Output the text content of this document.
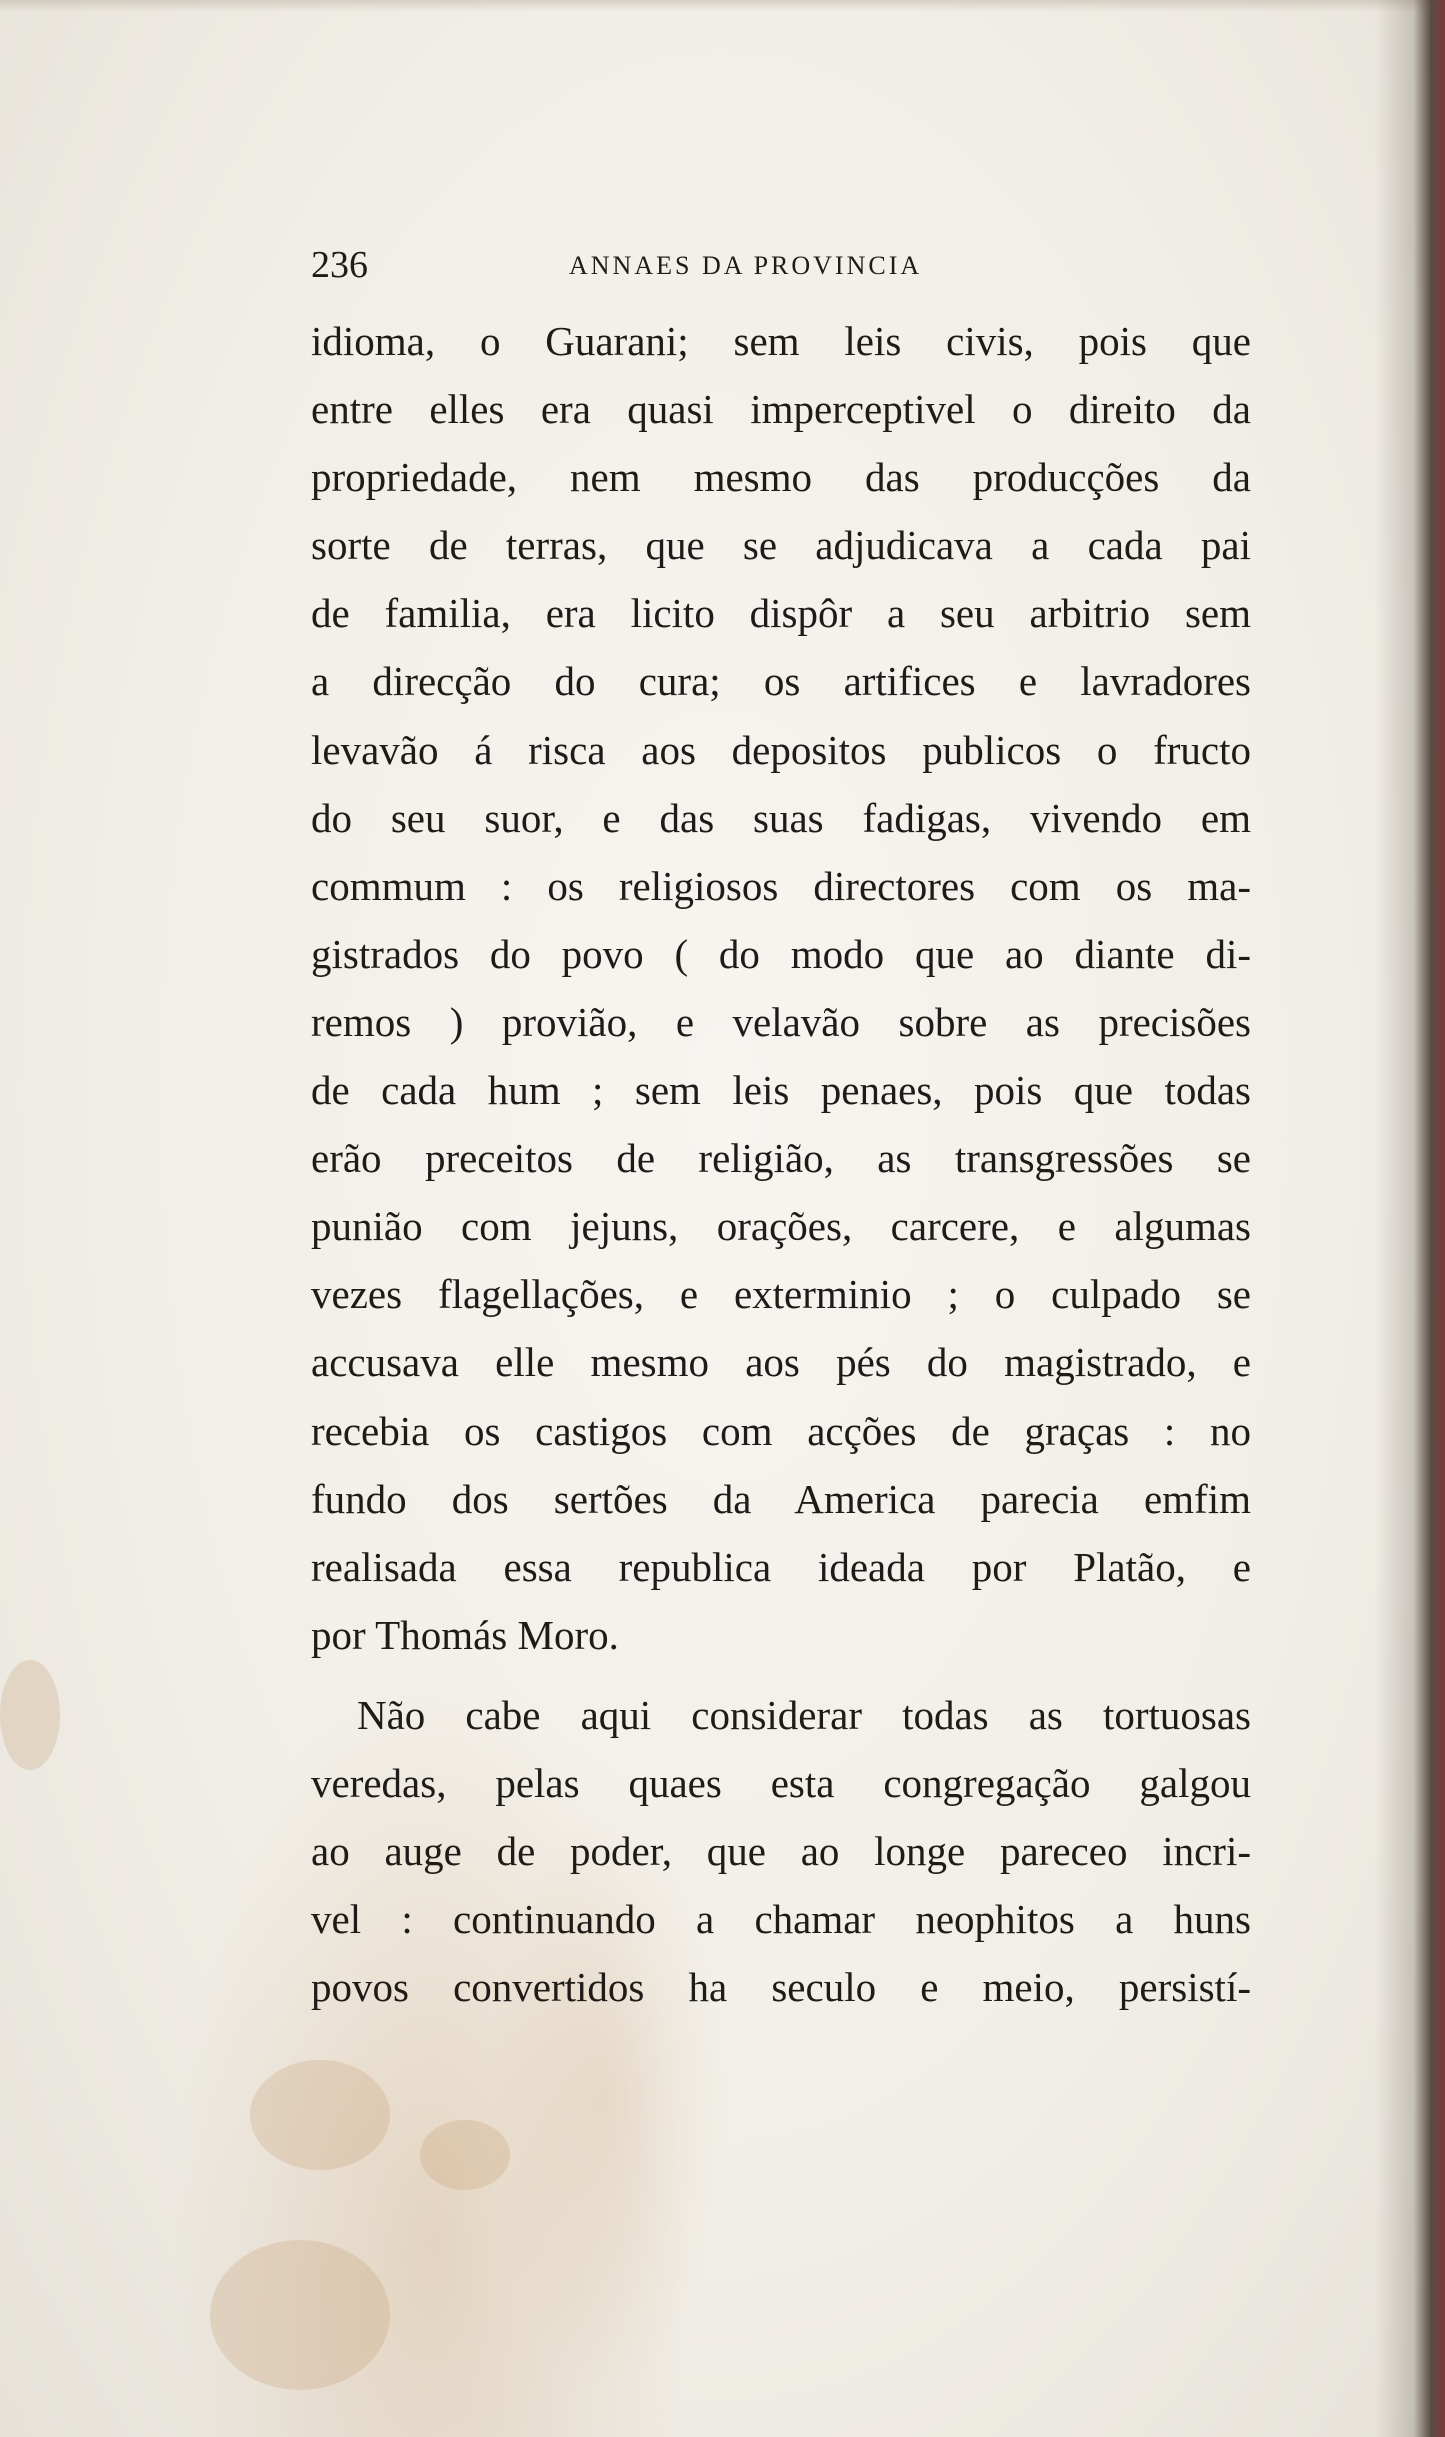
236	ANNAES DA PROVINCIA
idioma, o Guarani; sem leis civis, pois que
entre elles era quasi imperceptivel o direito da
propriedade, nem mesmo das producções da
sorte de terras, que se adjudicava a cada pai
de familia, era licito dispôr a seu arbitrio sem
a direcção do cura; os artifices e lavradores
levavão á risca aos depositos publicos o fructo
do seu suor, e das suas fadigas, vivendo em
commum : os religiosos directores com os ma-
gistrados do povo ( do modo que ao diante di-
remos ) provião, e velavão sobre as precisões
de cada hum ; sem leis penaes, pois que todas
erão preceitos de religião, as transgressões se
punião com jejuns, orações, carcere, e algumas
vezes flagellações, e exterminio ; o culpado se
accusava elle mesmo aos pés do magistrado, e
recebia os castigos com acções de graças : no
fundo dos sertões da America parecia emfim
realisada essa republica ideada por Platão, e
por Thomás Moro.
Não cabe aqui considerar todas as tortuosas
veredas, pelas quaes esta congregação galgou
ao auge de poder, que ao longe pareceo incri-
vel : continuando a chamar neophitos a huns
povos convertidos ha seculo e meio, persistí-
